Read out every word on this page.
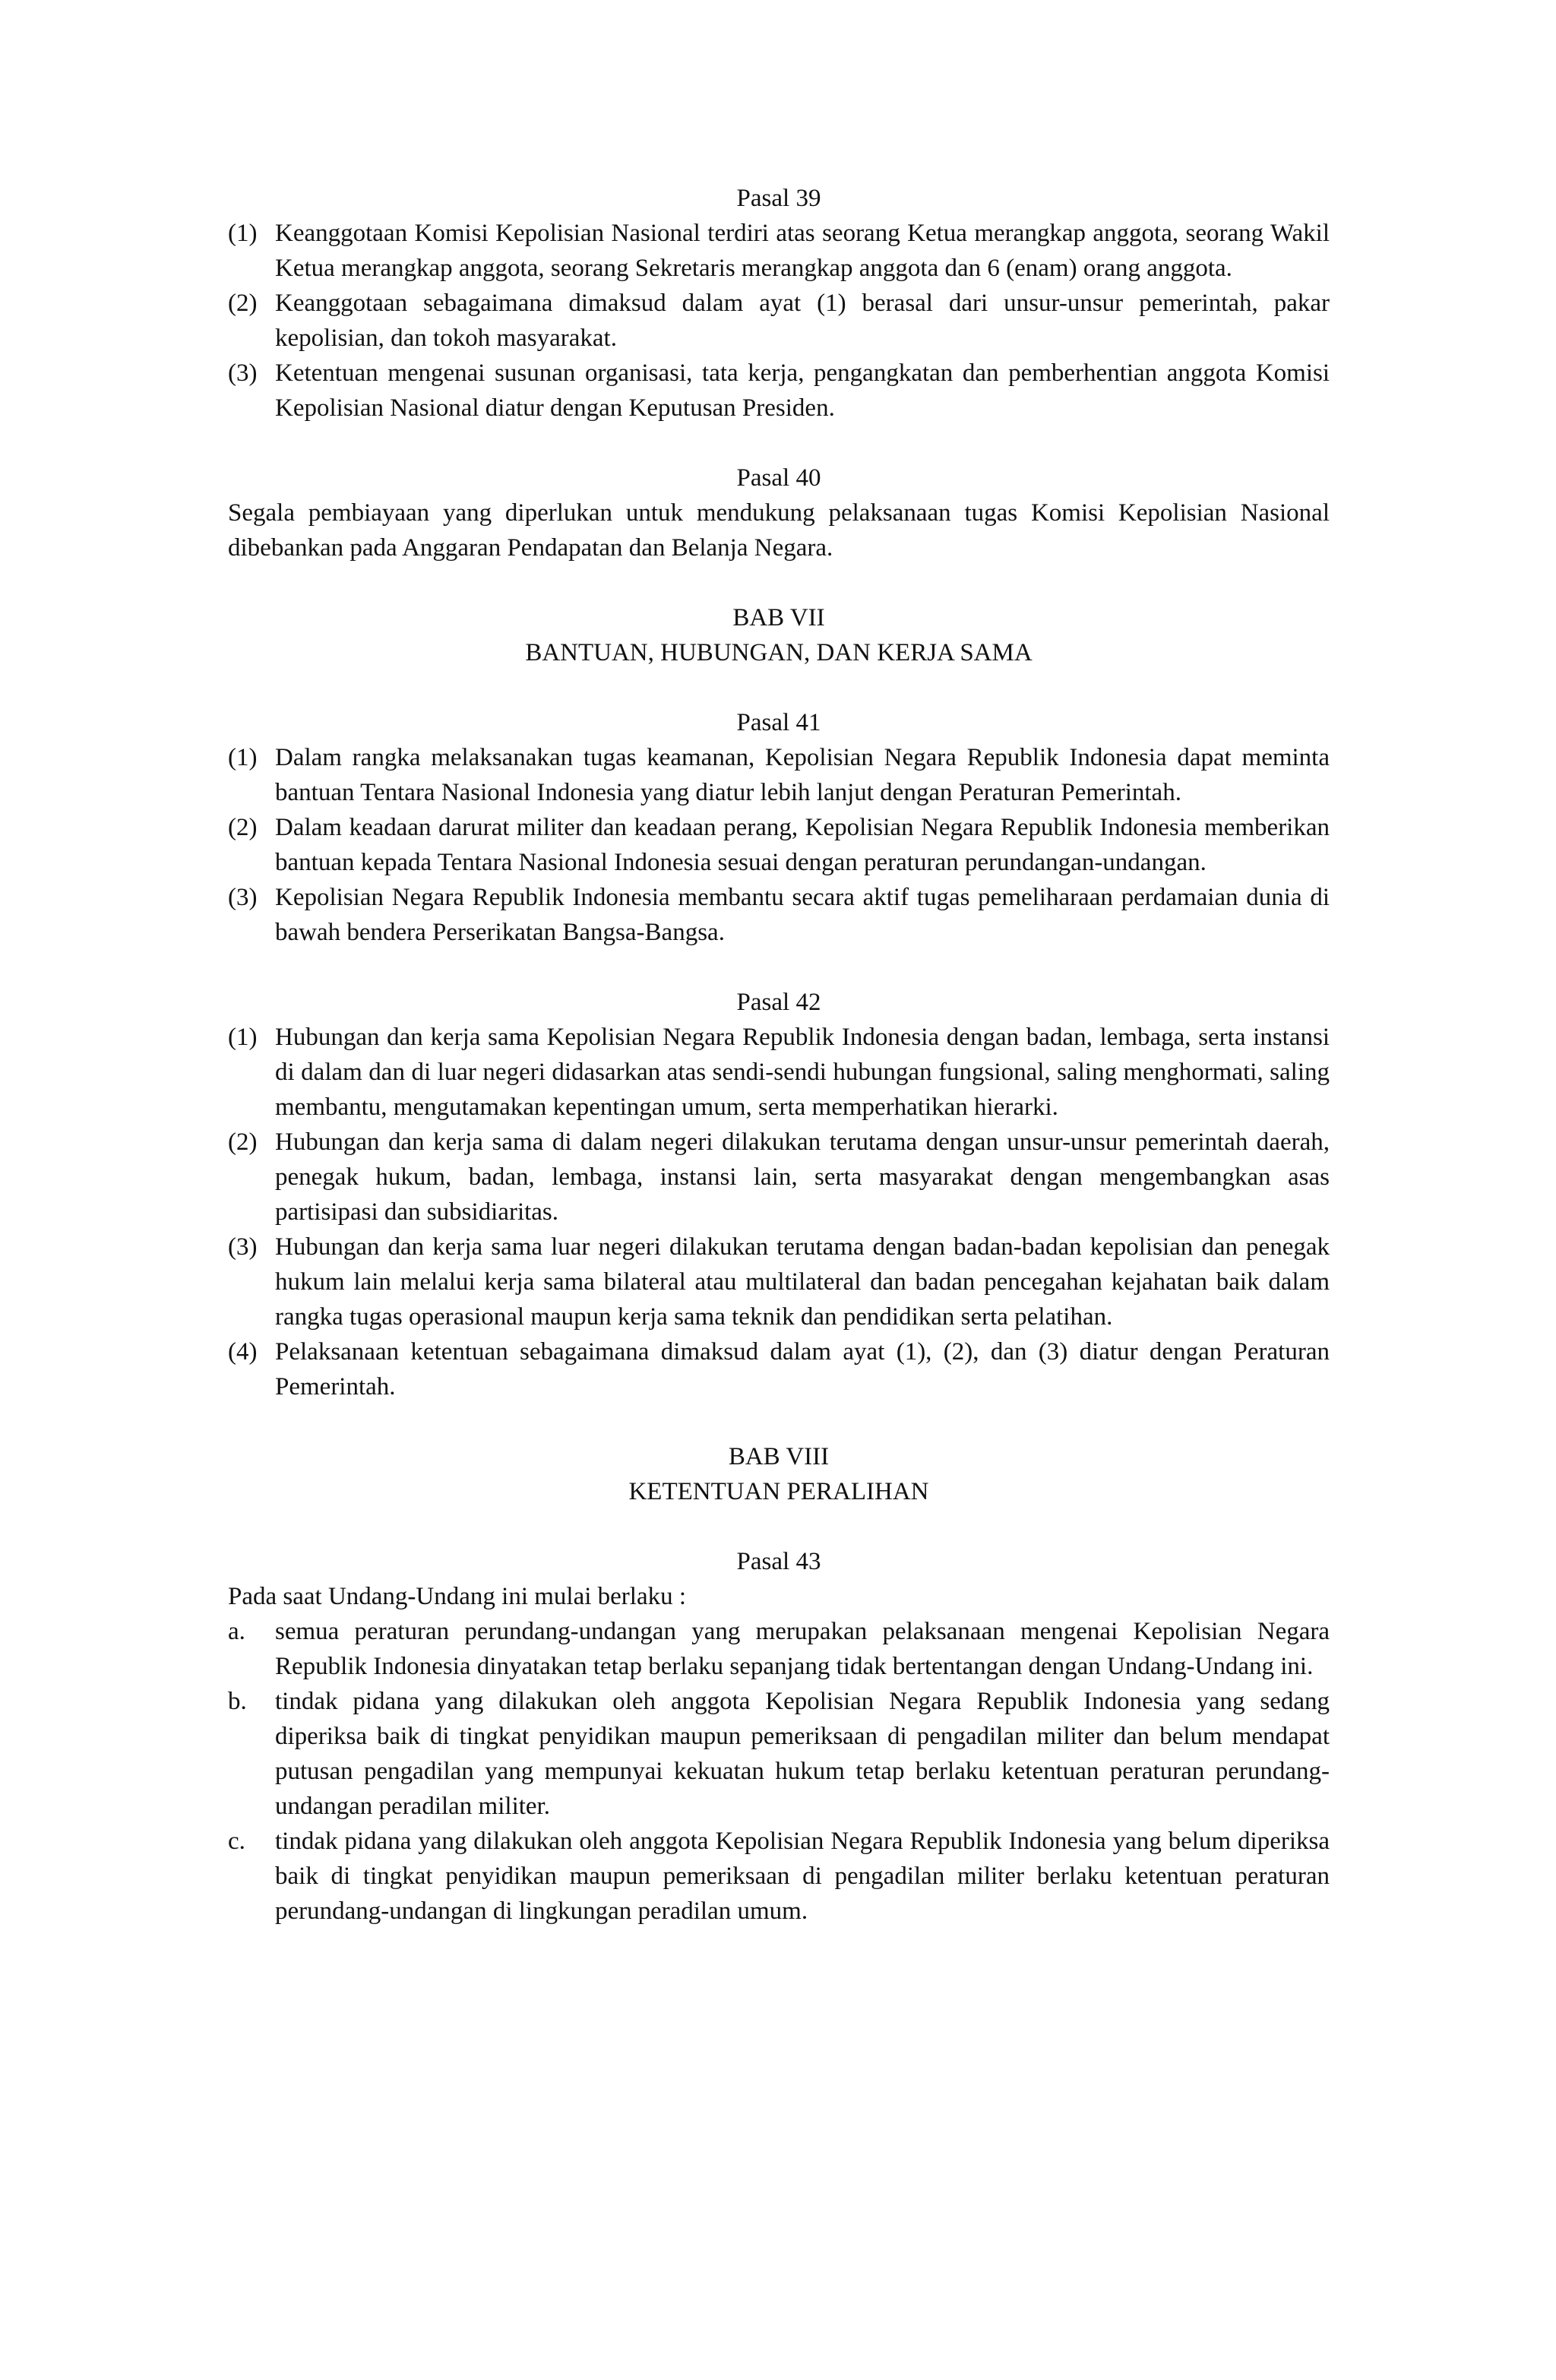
Pasal 39
(1) Keanggotaan Komisi Kepolisian Nasional terdiri atas seorang Ketua merangkap anggota, seorang Wakil Ketua merangkap anggota, seorang Sekretaris merangkap anggota dan 6 (enam) orang anggota.
(2) Keanggotaan sebagaimana dimaksud dalam ayat (1) berasal dari unsur-unsur pemerintah, pakar kepolisian, dan tokoh masyarakat.
(3) Ketentuan mengenai susunan organisasi, tata kerja, pengangkatan dan pemberhentian anggota Komisi Kepolisian Nasional diatur dengan Keputusan Presiden.
Pasal 40
Segala pembiayaan yang diperlukan untuk mendukung pelaksanaan tugas Komisi Kepolisian Nasional dibebankan pada Anggaran Pendapatan dan Belanja Negara.
BAB VII
BANTUAN, HUBUNGAN, DAN KERJA SAMA
Pasal 41
(1) Dalam rangka melaksanakan tugas keamanan, Kepolisian Negara Republik Indonesia dapat meminta bantuan Tentara Nasional Indonesia yang diatur lebih lanjut dengan Peraturan Pemerintah.
(2) Dalam keadaan darurat militer dan keadaan perang, Kepolisian Negara Republik Indonesia memberikan bantuan kepada Tentara Nasional Indonesia sesuai dengan peraturan perundangan-undangan.
(3) Kepolisian Negara Republik Indonesia membantu secara aktif tugas pemeliharaan perdamaian dunia di bawah bendera Perserikatan Bangsa-Bangsa.
Pasal 42
(1) Hubungan dan kerja sama Kepolisian Negara Republik Indonesia dengan badan, lembaga, serta instansi di dalam dan di luar negeri didasarkan atas sendi-sendi hubungan fungsional, saling menghormati, saling membantu, mengutamakan kepentingan umum, serta memperhatikan hierarki.
(2) Hubungan dan kerja sama di dalam negeri dilakukan terutama dengan unsur-unsur pemerintah daerah, penegak hukum, badan, lembaga, instansi lain, serta masyarakat dengan mengembangkan asas partisipasi dan subsidiaritas.
(3) Hubungan dan kerja sama luar negeri dilakukan terutama dengan badan-badan kepolisian dan penegak hukum lain melalui kerja sama bilateral atau multilateral dan badan pencegahan kejahatan baik dalam rangka tugas operasional maupun kerja sama teknik dan pendidikan serta pelatihan.
(4) Pelaksanaan ketentuan sebagaimana dimaksud dalam ayat (1), (2), dan (3) diatur dengan Peraturan Pemerintah.
BAB VIII
KETENTUAN PERALIHAN
Pasal 43
Pada saat Undang-Undang ini mulai berlaku :
a.	semua peraturan perundang-undangan yang merupakan pelaksanaan mengenai Kepolisian Negara Republik Indonesia dinyatakan tetap berlaku sepanjang tidak bertentangan dengan Undang-Undang ini.
b.	tindak pidana yang dilakukan oleh anggota Kepolisian Negara Republik Indonesia yang sedang diperiksa baik di tingkat penyidikan maupun pemeriksaan di pengadilan militer dan belum mendapat putusan pengadilan yang mempunyai kekuatan hukum tetap berlaku ketentuan peraturan perundang-undangan peradilan militer.
c.	tindak pidana yang dilakukan oleh anggota Kepolisian Negara Republik Indonesia yang belum diperiksa baik di tingkat penyidikan maupun pemeriksaan di pengadilan militer berlaku ketentuan peraturan perundang-undangan di lingkungan peradilan umum.
